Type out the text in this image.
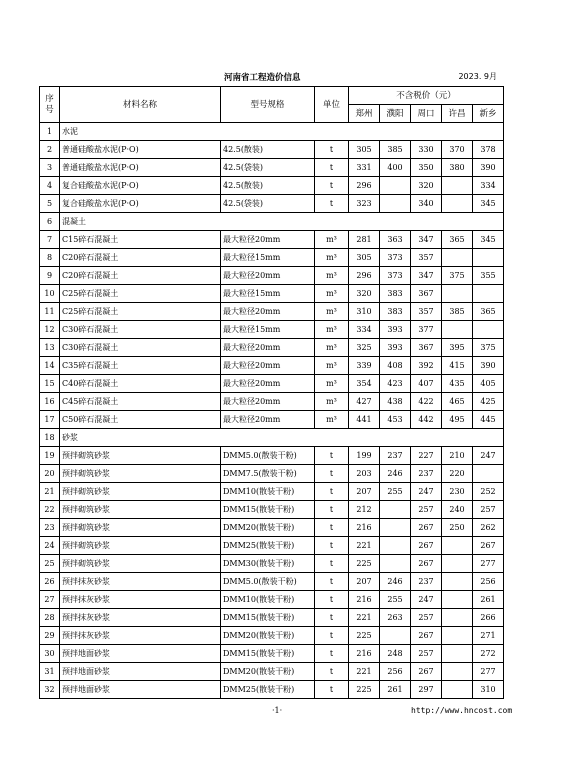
河南省工程造价信息	2023. 9月
序号	材料名称	型号规格	单位	不含税价（元）				
				郑州	濮阳	周口	许昌	新乡
1	水泥							
2	普通硅酸盐水泥(P·O)	42.5(散装)	t	305	385	330	370	378
3	普通硅酸盐水泥(P·O)	42.5(袋装)	t	331	400	350	380	390
4	复合硅酸盐水泥(P·O)	42.5(散装)	t	296		320		334
5	复合硅酸盐水泥(P·O)	42.5(袋装)	t	323		340		345
6	混凝土							
7	C15碎石混凝土	最大粒径20mm	m³	281	363	347	365	345
8	C20碎石混凝土	最大粒径15mm	m³	305	373	357		
9	C20碎石混凝土	最大粒径20mm	m³	296	373	347	375	355
10	C25碎石混凝土	最大粒径15mm	m³	320	383	367		
11	C25碎石混凝土	最大粒径20mm	m³	310	383	357	385	365
12	C30碎石混凝土	最大粒径15mm	m³	334	393	377		
13	C30碎石混凝土	最大粒径20mm	m³	325	393	367	395	375
14	C35碎石混凝土	最大粒径20mm	m³	339	408	392	415	390
15	C40碎石混凝土	最大粒径20mm	m³	354	423	407	435	405
16	C45碎石混凝土	最大粒径20mm	m³	427	438	422	465	425
17	C50碎石混凝土	最大粒径20mm	m³	441	453	442	495	445
18	砂浆							
19	预拌砌筑砂浆	DMM5.0(散装干粉)	t	199	237	227	210	247
20	预拌砌筑砂浆	DMM7.5(散装干粉)	t	203	246	237	220	
21	预拌砌筑砂浆	DMM10(散装干粉)	t	207	255	247	230	252
22	预拌砌筑砂浆	DMM15(散装干粉)	t	212		257	240	257
23	预拌砌筑砂浆	DMM20(散装干粉)	t	216		267	250	262
24	预拌砌筑砂浆	DMM25(散装干粉)	t	221		267		267
25	预拌砌筑砂浆	DMM30(散装干粉)	t	225		267		277
26	预拌抹灰砂浆	DMM5.0(散装干粉)	t	207	246	237		256
27	预拌抹灰砂浆	DMM10(散装干粉)	t	216	255	247		261
28	预拌抹灰砂浆	DMM15(散装干粉)	t	221	263	257		266
29	预拌抹灰砂浆	DMM20(散装干粉)	t	225		267		271
30	预拌地面砂浆	DMM15(散装干粉)	t	216	248	257		272
31	预拌地面砂浆	DMM20(散装干粉)	t	221	256	267		277
32	预拌地面砂浆	DMM25(散装干粉)	t	225	261	297		310
·1·	http://www.hncost.com
